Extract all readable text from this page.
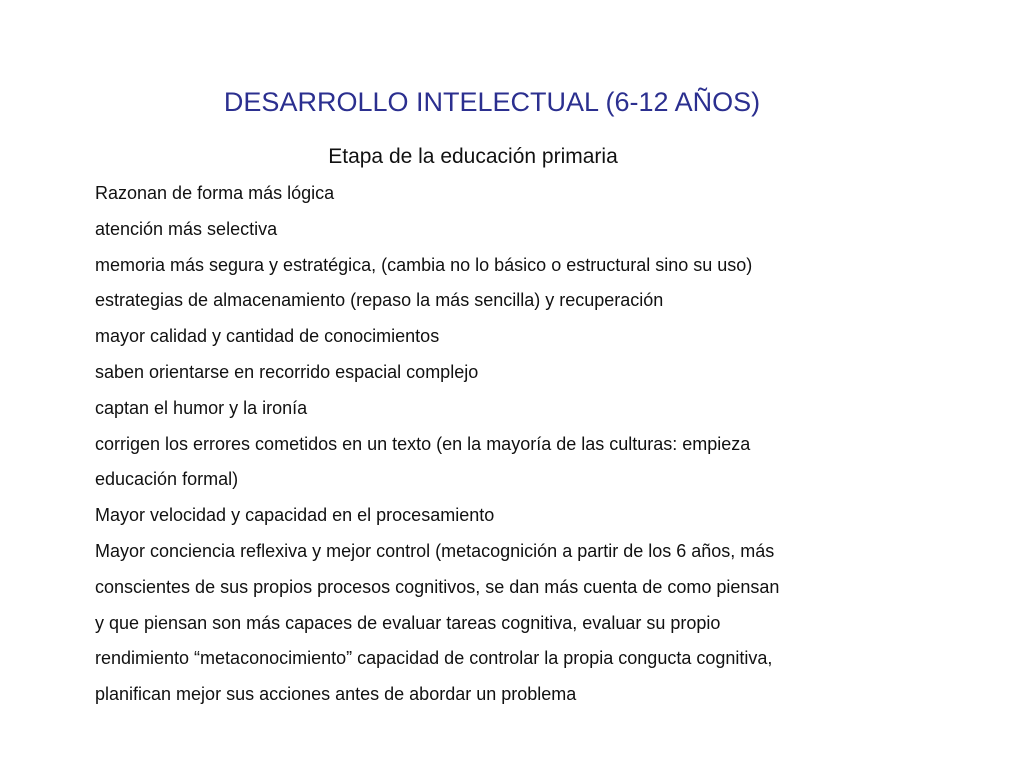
DESARROLLO INTELECTUAL (6-12 AÑOS)
Etapa de la educación primaria
Razonan de forma más lógica
atención más selectiva
memoria más segura y estratégica, (cambia no lo básico o estructural sino su uso)
estrategias de almacenamiento (repaso la más sencilla) y recuperación
mayor calidad y cantidad de conocimientos
saben orientarse en recorrido espacial complejo
captan el humor y la ironía
corrigen los errores cometidos en un texto (en la mayoría de las culturas: empieza
educación formal)
Mayor velocidad y capacidad en el procesamiento
Mayor conciencia reflexiva y mejor control (metacognición a partir de los 6 años, más
conscientes de sus propios procesos cognitivos, se dan más cuenta de como piensan
y que piensan son más capaces de evaluar tareas cognitiva, evaluar su propio
rendimiento “metaconocimiento” capacidad de controlar la propia congucta cognitiva,
planifican mejor sus acciones antes de abordar un problema
